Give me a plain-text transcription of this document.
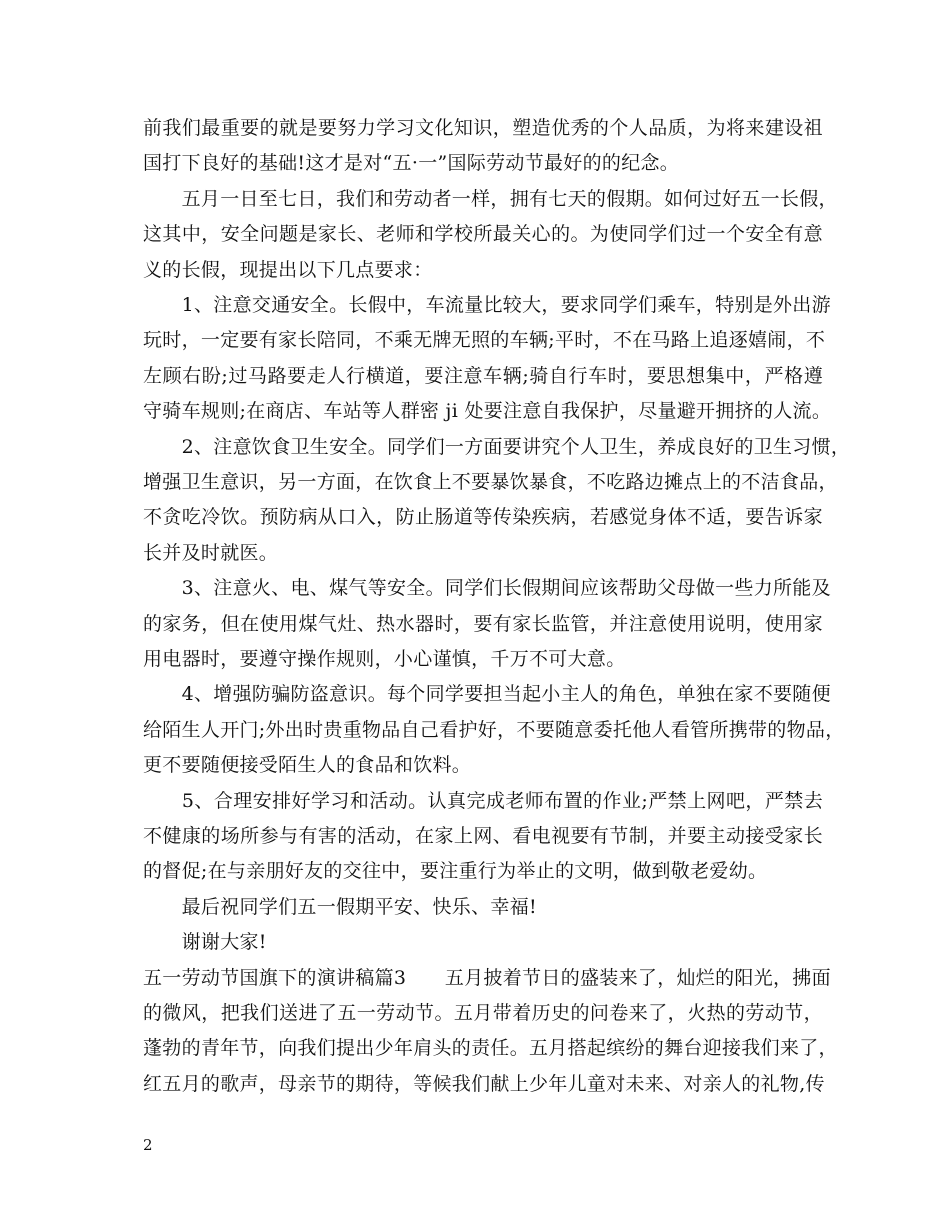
前我们最重要的就是要努力学习文化知识，塑造优秀的个人品质，为将来建设祖
国打下良好的基础!这才是对“五·一”国际劳动节最好的的纪念。
　　五月一日至七日，我们和劳动者一样，拥有七天的假期。如何过好五一长假，
这其中，安全问题是家长、老师和学校所最关心的。为使同学们过一个安全有意
义的长假，现提出以下几点要求：
　　1、注意交通安全。长假中，车流量比较大，要求同学们乘车，特别是外出游
玩时，一定要有家长陪同，不乘无牌无照的车辆;平时，不在马路上追逐嬉闹，不
左顾右盼;过马路要走人行横道，要注意车辆;骑自行车时，要思想集中，严格遵
守骑车规则;在商店、车站等人群密 ji 处要注意自我保护，尽量避开拥挤的人流。
　　2、注意饮食卫生安全。同学们一方面要讲究个人卫生，养成良好的卫生习惯，
增强卫生意识，另一方面，在饮食上不要暴饮暴食，不吃路边摊点上的不洁食品，
不贪吃冷饮。预防病从口入，防止肠道等传染疾病，若感觉身体不适，要告诉家
长并及时就医。
　　3、注意火、电、煤气等安全。同学们长假期间应该帮助父母做一些力所能及
的家务，但在使用煤气灶、热水器时，要有家长监管，并注意使用说明，使用家
用电器时，要遵守操作规则，小心谨慎，千万不可大意。
　　4、增强防骗防盗意识。每个同学要担当起小主人的角色，单独在家不要随便
给陌生人开门;外出时贵重物品自己看护好，不要随意委托他人看管所携带的物品，
更不要随便接受陌生人的食品和饮料。
　　5、合理安排好学习和活动。认真完成老师布置的作业;严禁上网吧，严禁去
不健康的场所参与有害的活动，在家上网、看电视要有节制，并要主动接受家长
的督促;在与亲朋好友的交往中，要注重行为举止的文明，做到敬老爱幼。
　　最后祝同学们五一假期平安、快乐、幸福!
　　谢谢大家!
五一劳动节国旗下的演讲稿篇3　　五月披着节日的盛装来了，灿烂的阳光，拂面
的微风，把我们送进了五一劳动节。五月带着历史的问卷来了，火热的劳动节，
蓬勃的青年节，向我们提出少年肩头的责任。五月搭起缤纷的舞台迎接我们来了，
红五月的歌声，母亲节的期待，等候我们献上少年儿童对未来、对亲人的礼物,传
2
